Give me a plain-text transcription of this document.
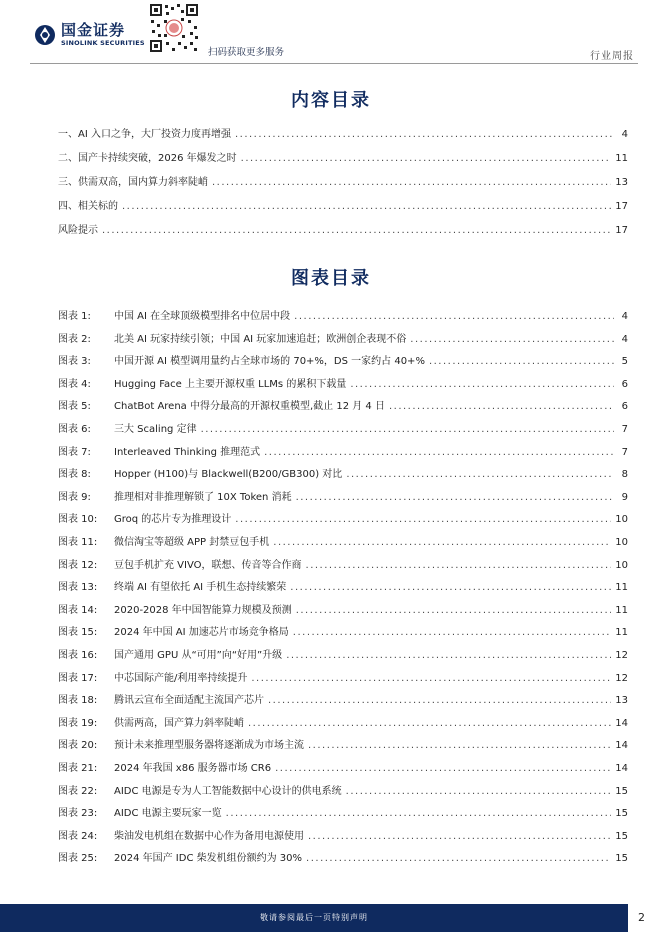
国金证券
SINOLINK SECURITIES
扫码获取更多服务	行业周报
内容目录
一、 AI 入口之争，大厂投资力度再增强 .....	4
二、 国产卡持续突破，2026 年爆发之时 .....	11
三、 供需双高，国内算力斜率陡峭 .....	13
四、 相关标的 .....	17
风险提示 .....	17
图表目录
图表 1:	中国 AI 在全球顶级模型排名中位居中段 .....	4
图表 2:	北美 AI 玩家持续引领；中国 AI 玩家加速追赶；欧洲创企表现不俗 .....	4
图表 3:	中国开源 AI 模型调用量约占全球市场的 70+%，DS 一家约占 40+% .....	5
图表 4:	Hugging Face 上主要开源权重 LLMs 的累积下载量 .....	6
图表 5:	ChatBot Arena 中得分最高的开源权重模型,截止 12 月 4 日 .....	6
图表 6:	三大 Scaling 定律 .....	7
图表 7:	Interleaved Thinking 推理范式 .....	7
图表 8:	Hopper (H100)与 Blackwell(B200/GB300) 对比 .....	8
图表 9:	推理相对非推理解锁了 10X Token 消耗 .....	9
图表 10:	Groq 的芯片专为推理设计 .....	10
图表 11:	微信淘宝等超级 APP 封禁豆包手机 .....	10
图表 12:	豆包手机扩充 VIVO，联想、传音等合作商 .....	10
图表 13:	终端 AI 有望依托 AI 手机生态持续繁荣 .....	11
图表 14:	2020-2028 年中国智能算力规模及预测 .....	11
图表 15:	2024 年中国 AI 加速芯片市场竞争格局 .....	11
图表 16:	国产通用 GPU 从“可用”向“好用”升级 .....	12
图表 17:	中芯国际产能/利用率持续提升 .....	12
图表 18:	腾讯云宣布全面适配主流国产芯片 .....	13
图表 19:	供需两高，国产算力斜率陡峭 .....	14
图表 20:	预计未来推理型服务器将逐渐成为市场主流 .....	14
图表 21:	2024 年我国 x86 服务器市场 CR6 .....	14
图表 22:	AIDC 电源是专为人工智能数据中心设计的供电系统 .....	15
图表 23:	AIDC 电源主要玩家一览 .....	15
图表 24:	柴油发电机组在数据中心作为备用电源使用 .....	15
图表 25:	2024 年国产 IDC 柴发机组份额约为 30% .....	15
敬请参阅最后一页特别声明	2
